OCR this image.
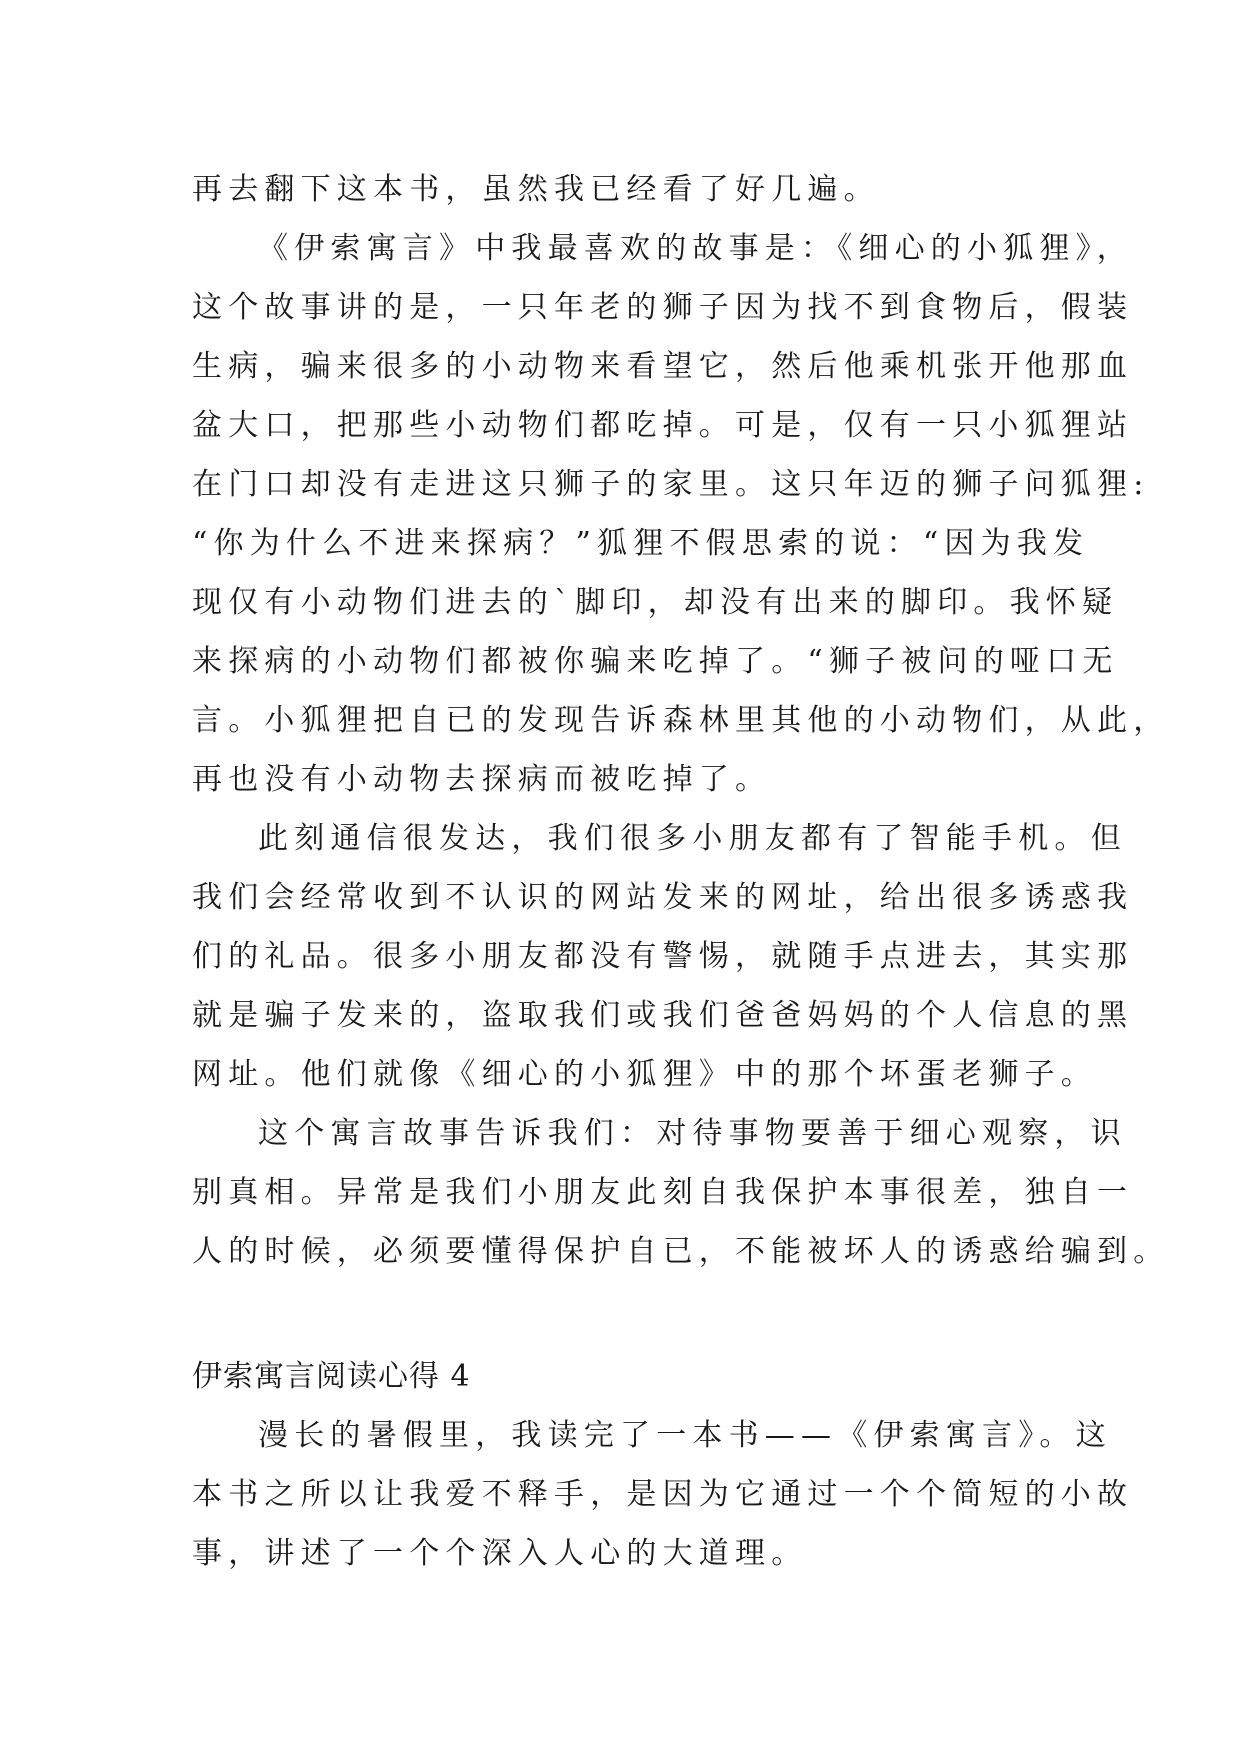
再去翻下这本书，虽然我已经看了好几遍。
《伊索寓言》中我最喜欢的故事是：《细心的小狐狸》，
这个故事讲的是，一只年老的狮子因为找不到食物后，假装
生病，骗来很多的小动物来看望它，然后他乘机张开他那血
盆大口，把那些小动物们都吃掉。可是，仅有一只小狐狸站
在门口却没有走进这只狮子的家里。这只年迈的狮子问狐狸:
“你为什么不进来探病？”狐狸不假思索的说：“因为我发
现仅有小动物们进去的`脚印，却没有出来的脚印。我怀疑
来探病的小动物们都被你骗来吃掉了。“狮子被问的哑口无
言。小狐狸把自已的发现告诉森林里其他的小动物们，从此，
再也没有小动物去探病而被吃掉了。
此刻通信很发达，我们很多小朋友都有了智能手机。但
我们会经常收到不认识的网站发来的网址，给出很多诱惑我
们的礼品。很多小朋友都没有警惕，就随手点进去，其实那
就是骗子发来的，盗取我们或我们爸爸妈妈的个人信息的黑
网址。他们就像《细心的小狐狸》中的那个坏蛋老狮子。
这个寓言故事告诉我们：对待事物要善于细心观察，识
别真相。异常是我们小朋友此刻自我保护本事很差，独自一
人的时候，必须要懂得保护自已，不能被坏人的诱惑给骗到。
伊索寓言阅读心得 4
漫长的暑假里，我读完了一本书——《伊索寓言》。这
本书之所以让我爱不释手，是因为它通过一个个简短的小故
事，讲述了一个个深入人心的大道理。
